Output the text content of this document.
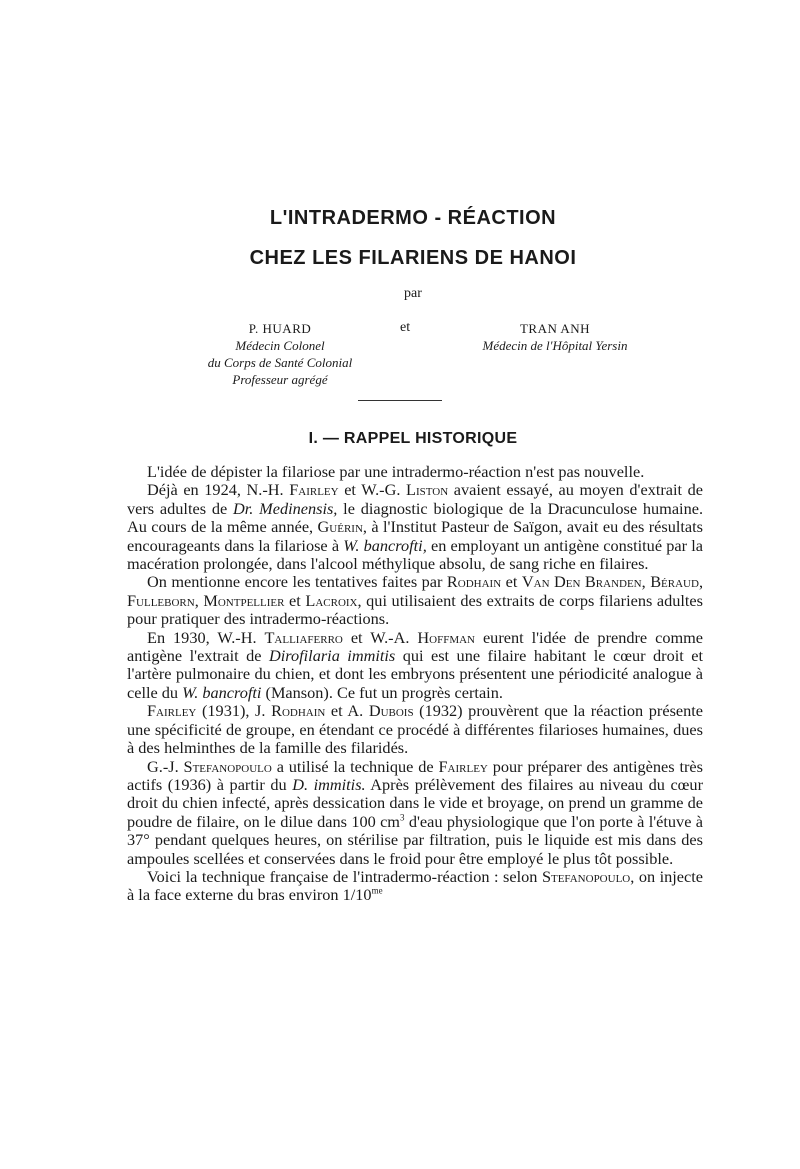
L'INTRADERMO - RÉACTION
CHEZ LES FILARIENS DE HANOI
par
P. HUARD
Médecin Colonel
du Corps de Santé Colonial
Professeur agrégé
et	TRAN ANH
Médecin de l'Hôpital Yersin
I. — RAPPEL HISTORIQUE

L'idée de dépister la filariose par une intradermo-réaction n'est pas nouvelle.

Déjà en 1924, N.-H. Fairley et W.-G. Liston avaient essayé, au moyen d'extrait de vers adultes de Dr. Medinensis, le diagnostic biologique de la Dracunculose humaine. Au cours de la même année, Guérin, à l'Institut Pasteur de Saïgon, avait eu des résultats encourageants dans la filariose à W. bancrofti, en employant un antigène constitué par la macération prolongée, dans l'alcool méthylique absolu, de sang riche en filaires.

On mentionne encore les tentatives faites par Rodhain et Van Den Branden, Béraud, Fulleborn, Montpellier et Lacroix, qui utilisaient des extraits de corps filariens adultes pour pratiquer des intradermo-réactions.

En 1930, W.-H. Talliaferro et W.-A. Hoffman eurent l'idée de prendre comme antigène l'extrait de Dirofilaria immitis qui est une filaire habitant le cœur droit et l'artère pulmonaire du chien, et dont les embryons présentent une périodicité analogue à celle du W. bancrofti (Manson). Ce fut un progrès certain.

Fairley (1931), J. Rodhain et A. Dubois (1932) prouvèrent que la réaction présente une spécificité de groupe, en étendant ce procédé à différentes filarioses humaines, dues à des helminthes de la famille des filaridés.

G.-J. Stefanopoulo a utilisé la technique de Fairley pour préparer des antigènes très actifs (1936) à partir du D. immitis. Après prélèvement des filaires au niveau du cœur droit du chien infecté, après dessication dans le vide et broyage, on prend un gramme de poudre de filaire, on le dilue dans 100 $cm^3$ d'eau physiologique que l'on porte à l'étuve à 37° pendant quelques heures, on stérilise par filtration, puis le liquide est mis dans des ampoules scellées et conservées dans le froid pour être employé le plus tôt possible.

Voici la technique française de l'intradermo-réaction : selon Stefanopoulo, on injecte à la face externe du bras environ $1/10^{me}$
